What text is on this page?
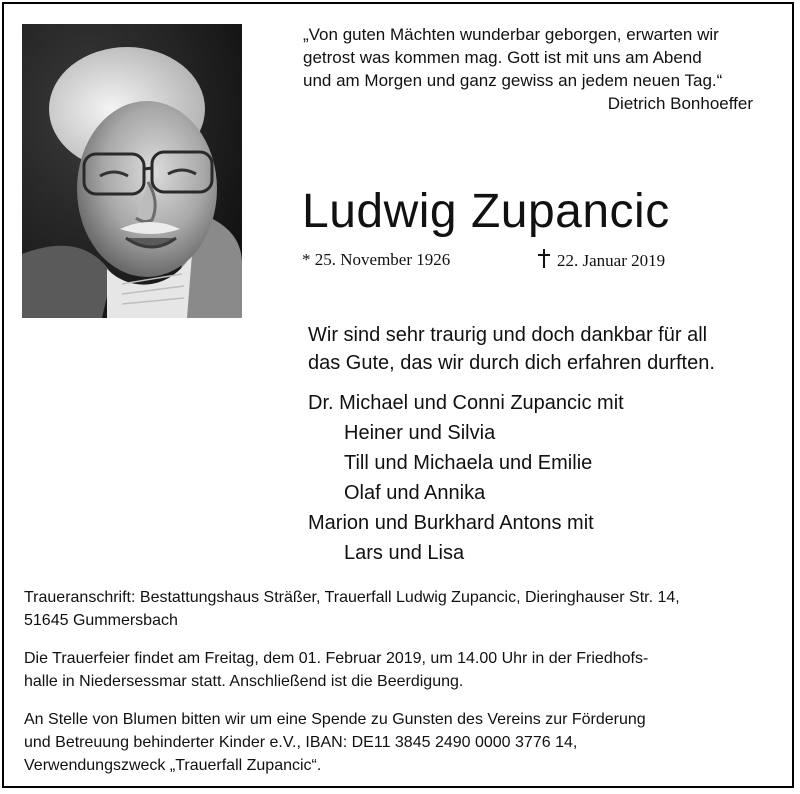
„Von guten Mächten wunderbar geborgen, erwarten wir
getrost was kommen mag. Gott ist mit uns am Abend
und am Morgen und ganz gewiss an jedem neuen Tag.“
Dietrich Bonhoeffer
Ludwig Zupancic
* 25. November 1926	22. Januar 2019
Wir sind sehr traurig und doch dankbar für all
das Gute, das wir durch dich erfahren durften.
Dr. Michael und Conni Zupancic mit
Heiner und Silvia
Till und Michaela und Emilie
Olaf und Annika
Marion und Burkhard Antons mit
Lars und Lisa
Traueranschrift: Bestattungshaus Sträßer, Trauerfall Ludwig Zupancic, Dieringhauser Str. 14,
51645 Gummersbach
Die Trauerfeier findet am Freitag, dem 01. Februar 2019, um 14.00 Uhr in der Friedhofs-
halle in Niedersessmar statt. Anschließend ist die Beerdigung.
An Stelle von Blumen bitten wir um eine Spende zu Gunsten des Vereins zur Förderung
und Betreuung behinderter Kinder e.V., IBAN: DE11 3845 2490 0000 3776 14,
Verwendungszweck „Trauerfall Zupancic“.
